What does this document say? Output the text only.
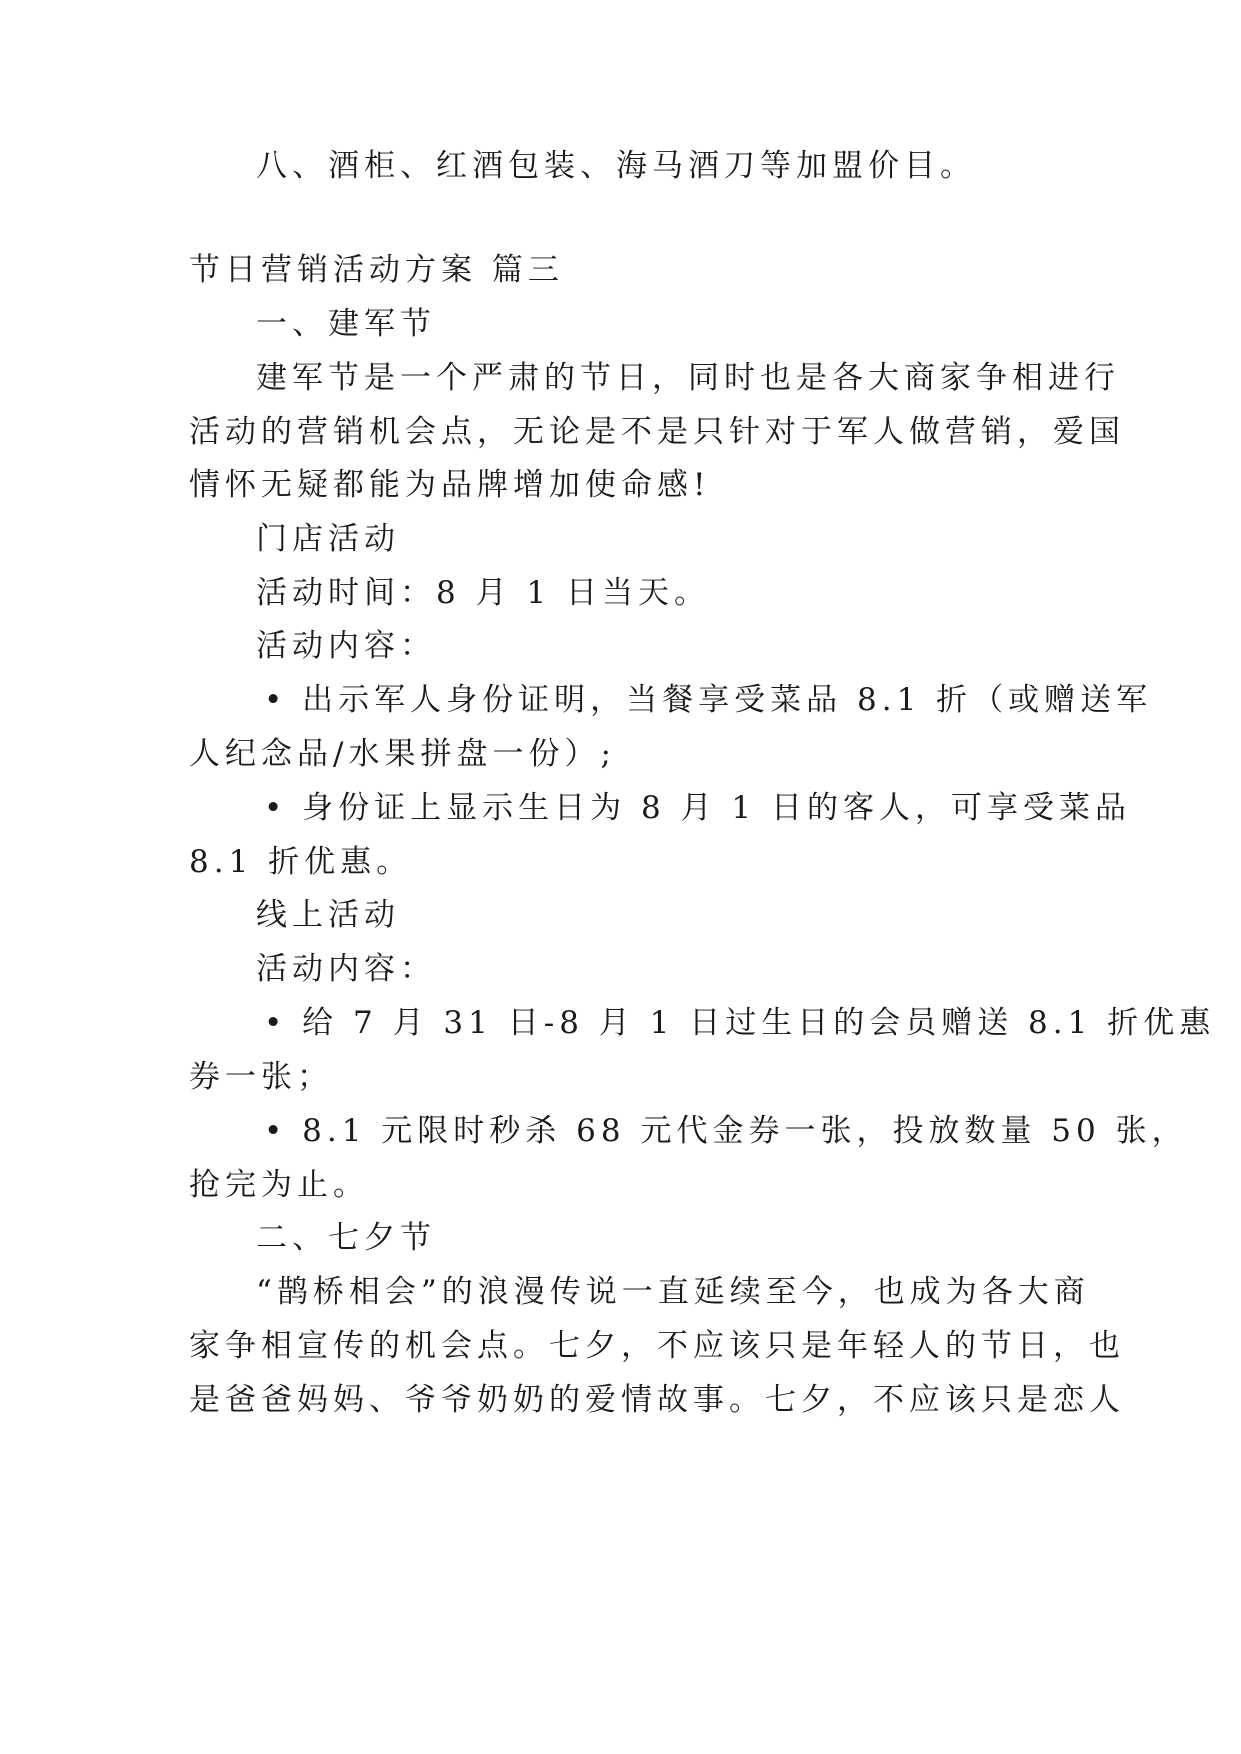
八、酒柜、红酒包装、海马酒刀等加盟价目。
节日营销活动方案 篇三
一、建军节
建军节是一个严肃的节日，同时也是各大商家争相进行
活动的营销机会点，无论是不是只针对于军人做营销，爱国
情怀无疑都能为品牌增加使命感!
门店活动
活动时间：8 月 1 日当天。
活动内容：
• 出示军人身份证明，当餐享受菜品 8.1 折（或赠送军
人纪念品/水果拼盘一份）;
• 身份证上显示生日为 8 月 1 日的客人，可享受菜品
8.1 折优惠。
线上活动
活动内容：
• 给 7 月 31 日-8 月 1 日过生日的会员赠送 8.1 折优惠
券一张；
• 8.1 元限时秒杀 68 元代金券一张，投放数量 50 张，
抢完为止。
二、七夕节
“鹊桥相会”的浪漫传说一直延续至今，也成为各大商
家争相宣传的机会点。七夕，不应该只是年轻人的节日，也
是爸爸妈妈、爷爷奶奶的爱情故事。七夕，不应该只是恋人
